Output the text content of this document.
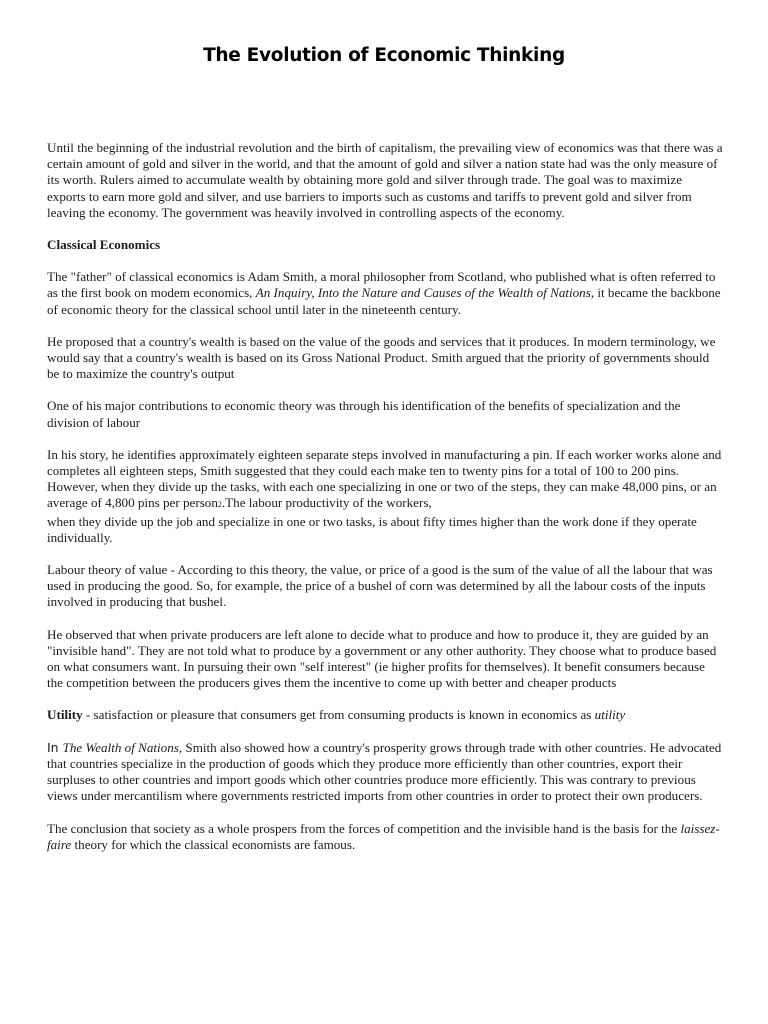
The Evolution of Economic Thinking

Until the beginning of the industrial revolution and the birth of capitalism, the prevailing view of economics was that there was a certain amount of gold and silver in the world, and that the amount of gold and silver a nation state had was the only measure of its worth. Rulers aimed to accumulate wealth by obtaining more gold and silver through trade. The goal was to maximize exports to earn more gold and silver, and use barriers to imports such as customs and tariffs to prevent gold and silver from leaving the economy. The government was heavily involved in controlling aspects of the economy.

Classical Economics

The "father" of classical economics is Adam Smith, a moral philosopher from Scotland, who published what is often referred to as the first book on modem economics, An Inquiry, Into the Nature and Causes of the Wealth of Nations, it became the backbone of economic theory for the classical school until later in the nineteenth century.

He proposed that a country's wealth is based on the value of the goods and services that it produces. In modern terminology, we would say that a country's wealth is based on its Gross National Product. Smith argued that the priority of governments should be to maximize the country's output

One of his major contributions to economic theory was through his identification of the benefits of specialization and the division of labour

In his story, he identifies approximately eighteen separate steps involved in manufacturing a pin. If each worker works alone and completes all eighteen steps, Smith suggested that they could each make ten to twenty pins for a total of 100 to 200 pins. However, when they divide up the tasks, with each one specializing in one or two of the steps, they can make 48,000 pins, or an average of 4,800 pins per person2.The labour productivity of the workers,
when they divide up the job and specialize in one or two tasks, is about fifty times higher than the work done if they operate individually.

Labour theory of value - According to this theory, the value, or price of a good is the sum of the value of all the labour that was used in producing the good. So, for example, the price of a bushel of corn was determined by all the labour costs of the inputs involved in producing that bushel.

He observed that when private producers are left alone to decide what to produce and how to produce it, they are guided by an "invisible hand". They are not told what to produce by a government or any other authority. They choose what to produce based on what consumers want. In pursuing their own "self interest" (ie higher profits for themselves). It benefit consumers because the competition between the producers gives them the incentive to come up with better and cheaper products

Utility - satisfaction or pleasure that consumers get from consuming products is known in economics as utility

In The Wealth of Nations, Smith also showed how a country's prosperity grows through trade with other countries. He advocated that countries specialize in the production of goods which they produce more efficiently than other countries, export their surpluses to other countries and import goods which other countries produce more efficiently. This was contrary to previous views under mercantilism where governments restricted imports from other countries in order to protect their own producers.

The conclusion that society as a whole prospers from the forces of competition and the invisible hand is the basis for the laissez-faire theory for which the classical economists are famous.
